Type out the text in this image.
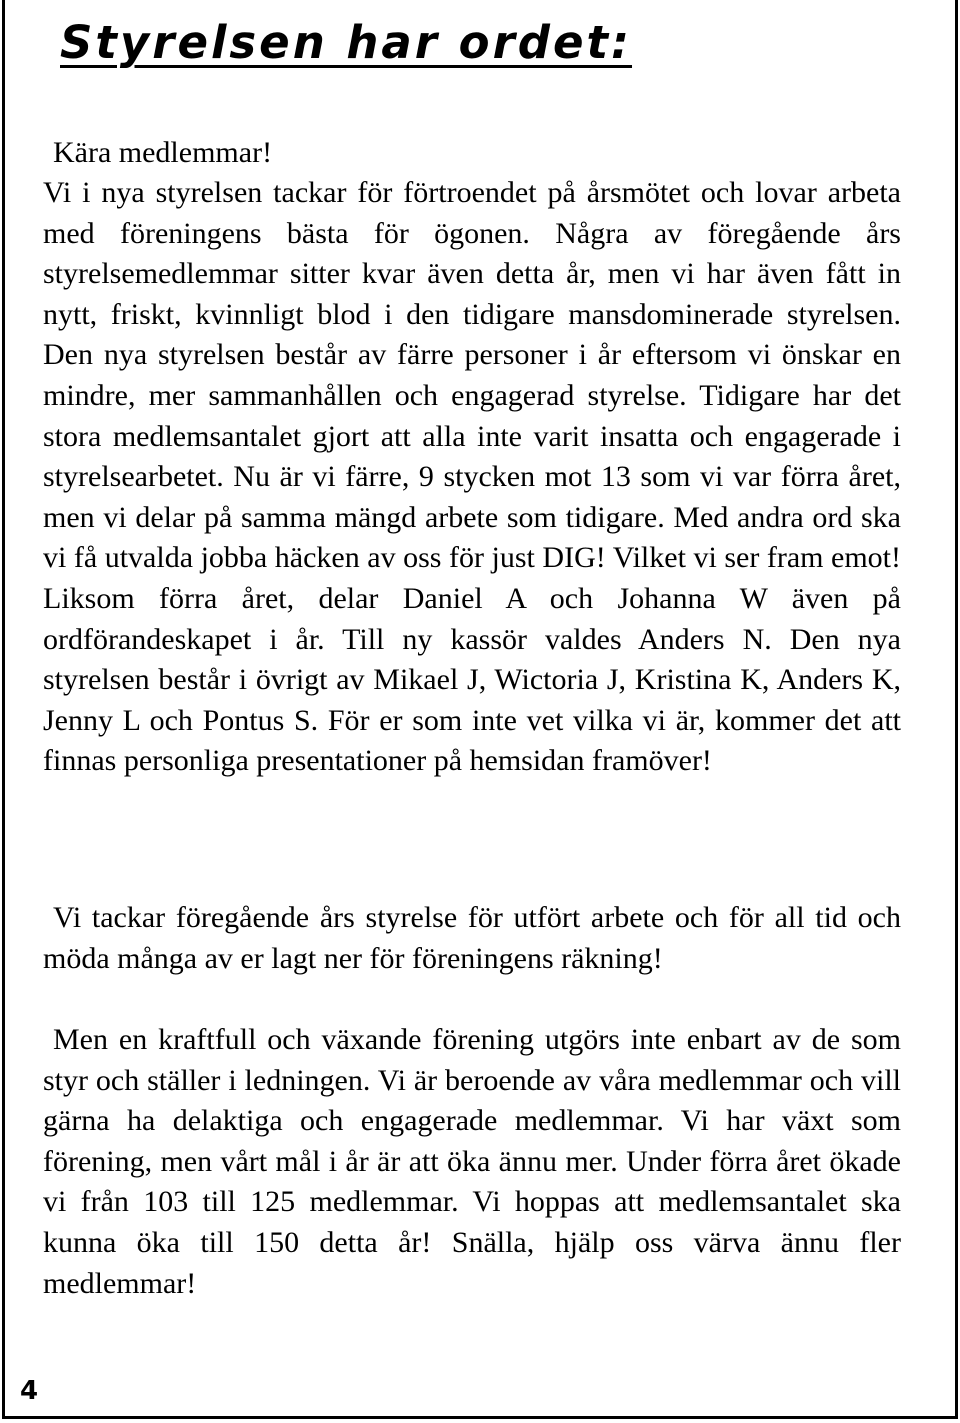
Styrelsen har ordet:

Kära medlemmar!

Vi i nya styrelsen tackar för förtroendet på årsmötet och lovar arbeta med föreningens bästa för ögonen. Några av föregående års styrelsemedlemmar sitter kvar även detta år, men vi har även fått in nytt, friskt, kvinnligt blod i den tidigare mansdominerade styrelsen. Den nya styrelsen består av färre personer i år eftersom vi önskar en mindre, mer sammanhållen och engagerad styrelse. Tidigare har det stora medlemsantalet gjort att alla inte varit insatta och engagerade i styrelsearbetet. Nu är vi färre, 9 stycken mot 13 som vi var förra året, men vi delar på samma mängd arbete som tidigare. Med andra ord ska vi få utvalda jobba häcken av oss för just DIG! Vilket vi ser fram emot! Liksom förra året, delar Daniel A och Johanna W även på ordförandeskapet i år. Till ny kassör valdes Anders N. Den nya styrelsen består i övrigt av Mikael J, Wictoria J, Kristina K, Anders K, Jenny L och Pontus S. För er som inte vet vilka vi är, kommer det att finnas personliga presentationer på hemsidan framöver!

Vi tackar föregående års styrelse för utfört arbete och för all tid och möda många av er lagt ner för föreningens räkning!

Men en kraftfull och växande förening utgörs inte enbart av de som styr och ställer i ledningen. Vi är beroende av våra medlemmar och vill gärna ha delaktiga och engagerade medlemmar. Vi har växt som förening, men vårt mål i år är att öka ännu mer. Under förra året ökade vi från 103 till 125 medlemmar. Vi hoppas att medlemsantalet ska kunna öka till 150 detta år! Snälla, hjälp oss värva ännu fler medlemmar!

4
